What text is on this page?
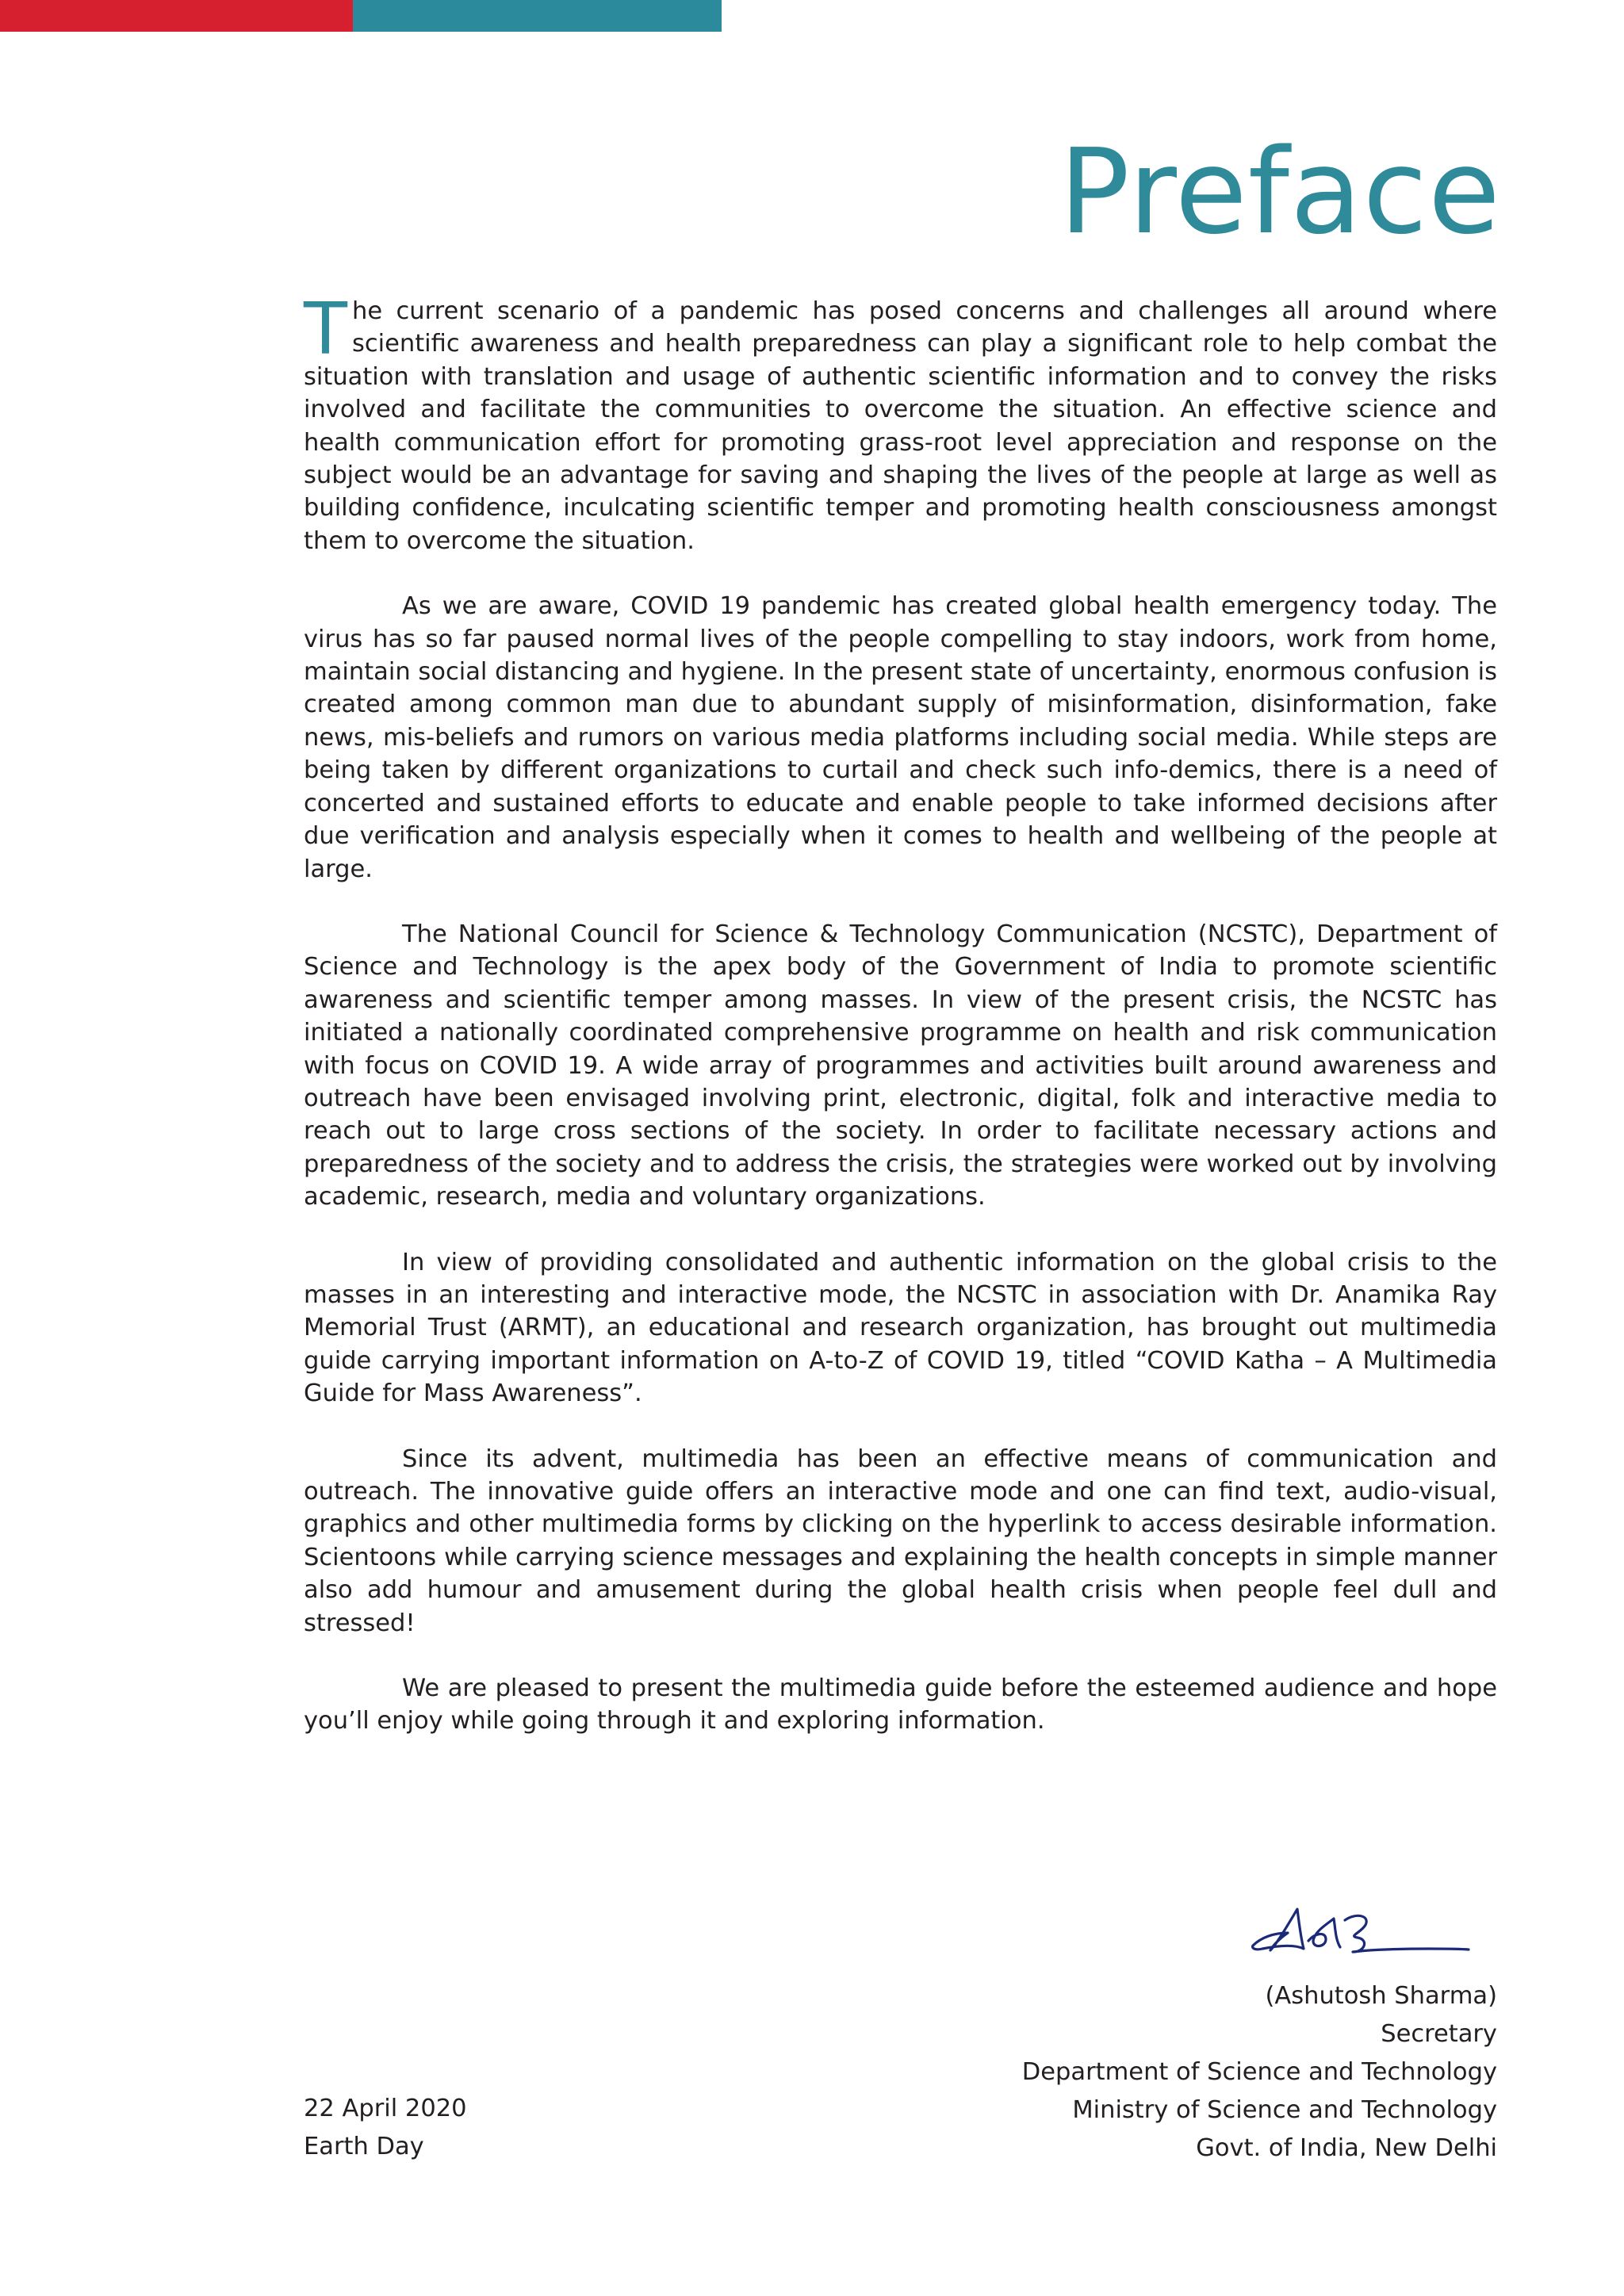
Preface

The current scenario of a pandemic has posed concerns and challenges all around where scientific awareness and health preparedness can play a significant role to help combat the situation with translation and usage of authentic scientific information and to convey the risks involved and facilitate the communities to overcome the situation. An effective science and health communication effort for promoting grass-root level appreciation and response on the subject would be an advantage for saving and shaping the lives of the people at large as well as building confidence, inculcating scientific temper and promoting health consciousness amongst them to overcome the situation.

As we are aware, COVID 19 pandemic has created global health emergency today. The virus has so far paused normal lives of the people compelling to stay indoors, work from home, maintain social distancing and hygiene. In the present state of uncertainty, enormous confusion is created among common man due to abundant supply of misinformation, disinformation, fake news, mis-beliefs and rumors on various media platforms including social media. While steps are being taken by different organizations to curtail and check such info-demics, there is a need of concerted and sustained efforts to educate and enable people to take informed decisions after due verification and analysis especially when it comes to health and wellbeing of the people at large.

The National Council for Science & Technology Communication (NCSTC), Department of Science and Technology is the apex body of the Government of India to promote scientific awareness and scientific temper among masses. In view of the present crisis, the NCSTC has initiated a nationally coordinated comprehensive programme on health and risk communication with focus on COVID 19. A wide array of programmes and activities built around awareness and outreach have been envisaged involving print, electronic, digital, folk and interactive media to reach out to large cross sections of the society. In order to facilitate necessary actions and preparedness of the society and to address the crisis, the strategies were worked out by involving academic, research, media and voluntary organizations.

In view of providing consolidated and authentic information on the global crisis to the masses in an interesting and interactive mode, the NCSTC in association with Dr. Anamika Ray Memorial Trust (ARMT), an educational and research organization, has brought out multimedia guide carrying important information on A-to-Z of COVID 19, titled “COVID Katha – A Multimedia Guide for Mass Awareness”.

Since its advent, multimedia has been an effective means of communication and outreach. The innovative guide offers an interactive mode and one can find text, audio-visual, graphics and other multimedia forms by clicking on the hyperlink to access desirable information. Scientoons while carrying science messages and explaining the health concepts in simple manner also add humour and amusement during the global health crisis when people feel dull and stressed!

We are pleased to present the multimedia guide before the esteemed audience and hope you’ll enjoy while going through it and exploring information.

(Ashutosh Sharma)
Secretary
Department of Science and Technology
Ministry of Science and Technology
Govt. of India, New Delhi
22 April 2020
Earth Day
